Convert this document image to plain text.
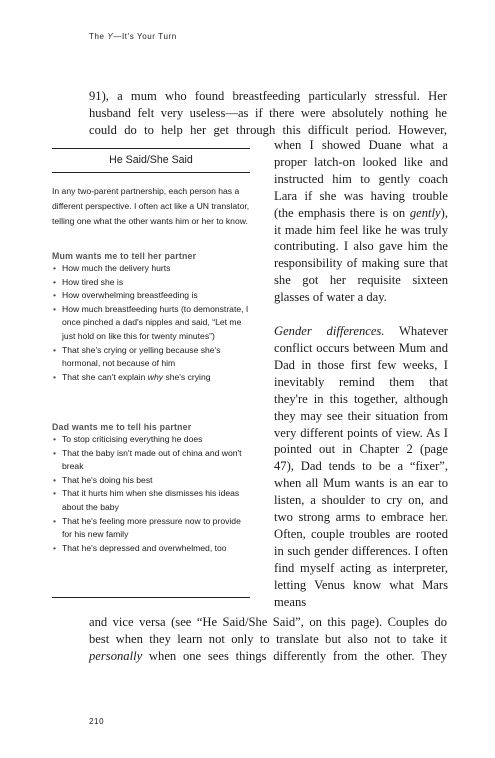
The Y—It's Your Turn
91), a mum who found breastfeeding particularly stressful. Her
husband felt very useless—as if there were absolutely nothing he
could do to help her get through this difficult period. However,

when I showed Duane what a proper latch-on looked like and instructed him to gently coach Lara if she was having trouble (the emphasis there is on gently), it made him feel like he was truly contributing. I also gave him the responsibility of making sure that she got her requisite sixteen glasses of water a day.

Gender differences. Whatever conflict occurs between Mum and Dad in those first few weeks, I inevitably remind them that they're in this together, although they may see their situation from very different points of view. As I pointed out in Chapter 2 (page 47), Dad tends to be a “fixer”, when all Mum wants is an ear to listen, a shoulder to cry on, and two strong arms to embrace her. Often, couple troubles are rooted in such gender differences. I often find myself acting as interpreter, letting Venus know what Mars means

and vice versa (see “He Said/She Said”, on this page). Couples do
best when they learn not only to translate but also not to take it
personally when one sees things differently from the other. They
He Said/She Said
In any two-parent partnership, each person has a different perspective. I often act like a UN translator, telling one what the other wants him or her to know.
Mum wants me to tell her partner
• How much the delivery hurts
• How tired she is
• How overwhelming breastfeeding is
• How much breastfeeding hurts (to demonstrate, I once pinched a dad's nipples and said, “Let me just hold on like this for twenty minutes”)
• That she's crying or yelling because she's hormonal, not because of him
• That she can't explain why she's crying
Dad wants me to tell his partner
• To stop criticising everything he does
• That the baby isn't made out of china and won't break
• That he's doing his best
• That it hurts him when she dismisses his ideas about the baby
• That he's feeling more pressure now to provide for his new family
• That he's depressed and overwhelmed, too
210
